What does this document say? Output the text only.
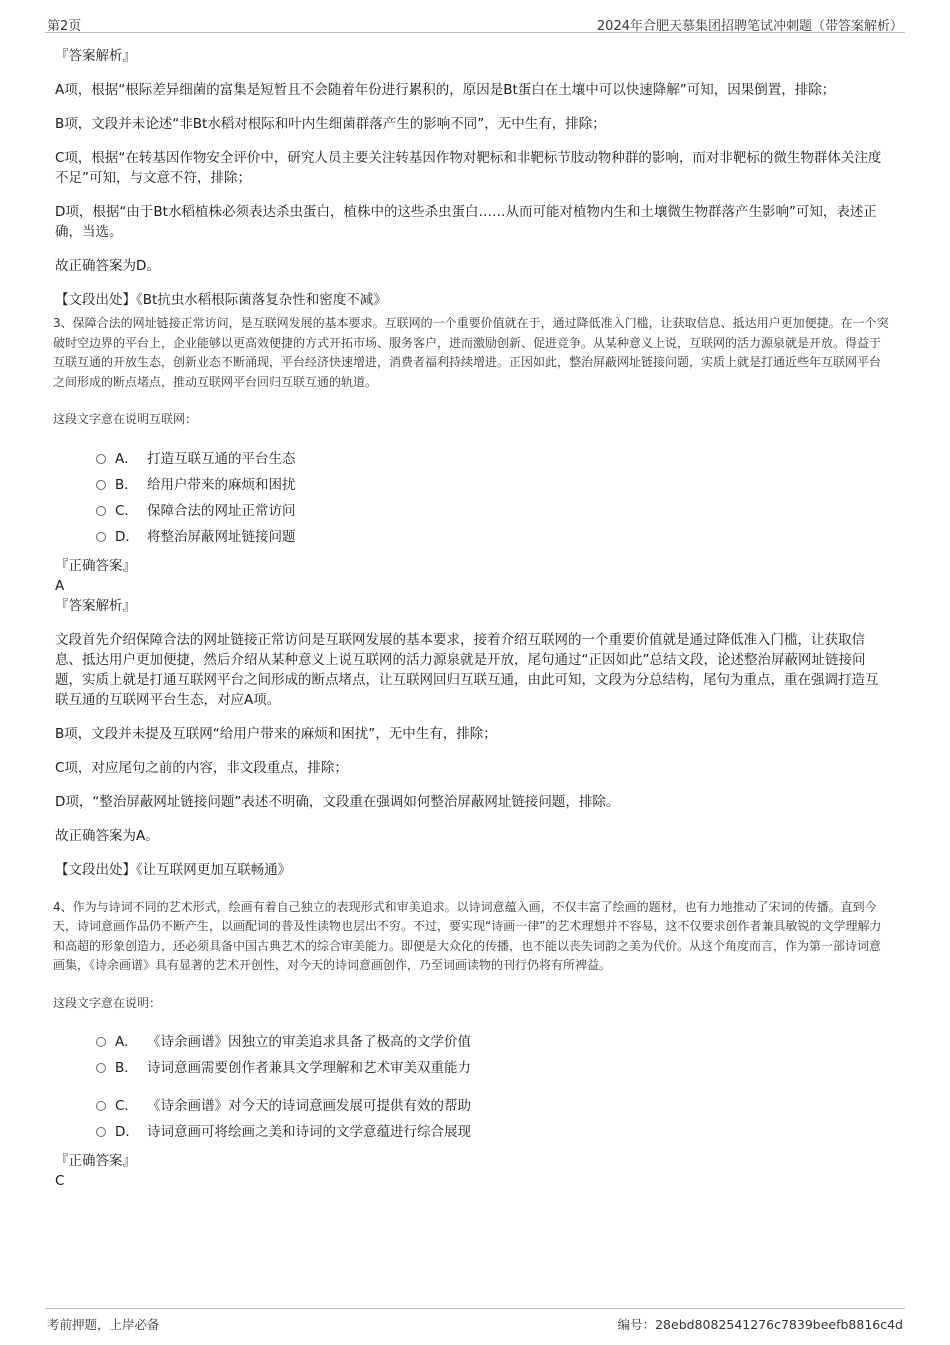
第2页	2024年合肥天慕集团招聘笔试冲刺题（带答案解析）

『答案解析』

A项，根据“根际差异细菌的富集是短暂且不会随着年份进行累积的，原因是Bt蛋白在土壤中可以快速降解”可知，因果倒置，排除；

B项，文段并未论述“非Bt水稻对根际和叶内生细菌群落产生的影响不同”，无中生有，排除；

C项，根据“在转基因作物安全评价中，研究人员主要关注转基因作物对靶标和非靶标节肢动物种群的影响，而对非靶标的微生物群体关注度不足”可知，与文意不符，排除；

D项，根据“由于Bt水稻植株必须表达杀虫蛋白，植株中的这些杀虫蛋白……从而可能对植物内生和土壤微生物群落产生影响”可知，表述正确，当选。

故正确答案为D。

【文段出处】《Bt抗虫水稻根际菌落复杂性和密度不减》

3、保障合法的网址链接正常访问，是互联网发展的基本要求。互联网的一个重要价值就在于，通过降低准入门槛，让获取信息、抵达用户更加便捷。在一个突破时空边界的平台上，企业能够以更高效便捷的方式开拓市场、服务客户，进而激励创新、促进竞争。从某种意义上说，互联网的活力源泉就是开放。得益于互联互通的开放生态，创新业态不断涌现，平台经济快速增进，消费者福利持续增进。正因如此，整治屏蔽网址链接问题，实质上就是打通近些年互联网平台之间形成的断点堵点，推动互联网平台回归互联互通的轨道。

这段文字意在说明互联网：

A． 打造互联互通的平台生态
B． 给用户带来的麻烦和困扰
C． 保障合法的网址正常访问
D． 将整治屏蔽网址链接问题

『正确答案』

A

『答案解析』

文段首先介绍保障合法的网址链接正常访问是互联网发展的基本要求，接着介绍互联网的一个重要价值就是通过降低准入门槛，让获取信息、抵达用户更加便捷，然后介绍从某种意义上说互联网的活力源泉就是开放，尾句通过“正因如此”总结文段，论述整治屏蔽网址链接问题，实质上就是打通互联网平台之间形成的断点堵点，让互联网回归互联互通，由此可知，文段为分总结构，尾句为重点，重在强调打造互联互通的互联网平台生态，对应A项。

B项，文段并未提及互联网“给用户带来的麻烦和困扰”，无中生有，排除；

C项，对应尾句之前的内容，非文段重点，排除；

D项，“整治屏蔽网址链接问题”表述不明确，文段重在强调如何整治屏蔽网址链接问题，排除。

故正确答案为A。

【文段出处】《让互联网更加互联畅通》

4、作为与诗词不同的艺术形式，绘画有着自己独立的表现形式和审美追求。以诗词意蕴入画，不仅丰富了绘画的题材，也有力地推动了宋词的传播。直到今天，诗词意画作品仍不断产生，以画配词的普及性读物也层出不穷。不过，要实现“诗画一律”的艺术理想并不容易，这不仅要求创作者兼具敏锐的文学理解力和高超的形象创造力，还必须具备中国古典艺术的综合审美能力。即便是大众化的传播，也不能以丧失词韵之美为代价。从这个角度而言，作为第一部诗词意画集，《诗余画谱》具有显著的艺术开创性，对今天的诗词意画创作，乃至词画读物的刊行仍将有所裨益。

这段文字意在说明：

A． 《诗余画谱》因独立的审美追求具备了极高的文学价值
B． 诗词意画需要创作者兼具文学理解和艺术审美双重能力
C． 《诗余画谱》对今天的诗词意画发展可提供有效的帮助
D． 诗词意画可将绘画之美和诗词的文学意蕴进行综合展现

『正确答案』

C

考前押题，上岸必备	编号：28ebd8082541276c7839beefb8816c4d
